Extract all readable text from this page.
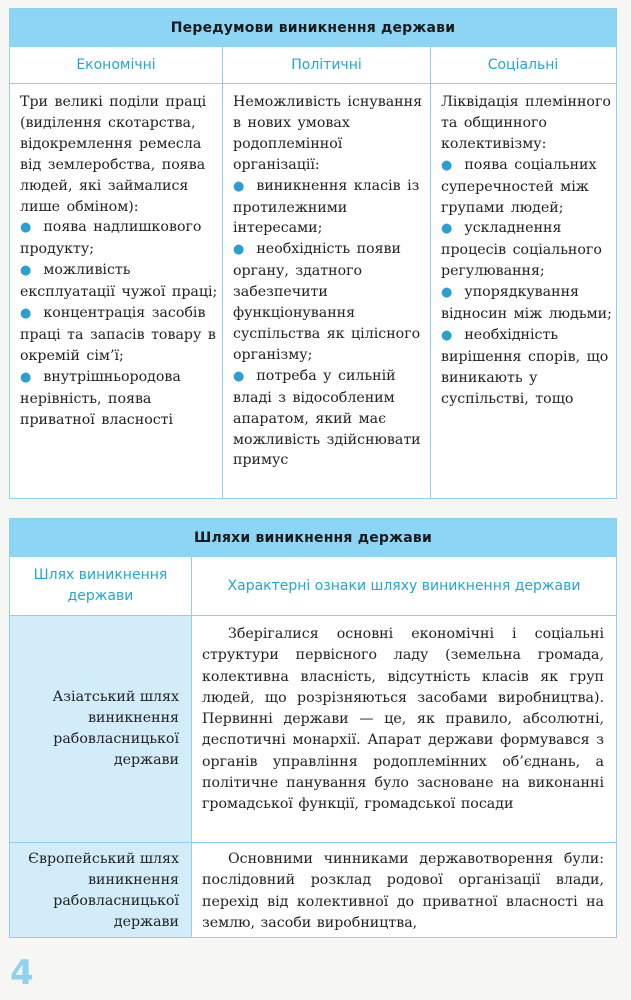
Передумови виникнення держави
Економічні	Політичні	Соціальні

Три великі поділи праці (виділення скотарства, відокремлення ремесла від землеробства, поява людей, які займалися лише обміном):

● поява надлишкового продукту;

● можливість експлуатації чужої праці;

● концентрація засобів праці та запасів товару в окремій сім’ї;

● внутрішньородова нерівність, поява приватної власності

Неможливість існування в нових умовах родоплемінної організації:

● виникнення класів із протилежними інтересами;

● необхідність появи органу, здатного забезпечити функціонування суспільства як цілісного організму;

● потреба у сильній владі з відособленим апаратом, який має можливість здійснювати примус

Ліквідація племінного та общинного колективізму:

● поява соціальних суперечностей між групами людей;

● ускладнення процесів соціального регулювання;

● упорядкування відносин між людьми;

● необхідність вирішення спорів, що виникають у суспільстві, тощо

Шляхи виникнення держави
Шлях виникнення держави
Характерні ознаки шляху виникнення держави
Азіатський шлях виникнення рабовласницької держави
Зберігалися основні економічні і соціальні структури первісного ладу (земельна громада, колективна власність, відсутність класів як груп людей, що розрізняються засобами виробництва). Первинні держави — це, як правило, абсолютні, деспотичні монархії. Апарат держави формувався з органів управління родоплемінних об’єднань, а політичне панування було засноване на виконанні громадської функції, громадської посади
Європейський шлях виникнення рабовласницької держави
Основними чинниками державотворення були: послідовний розклад родової організації влади, перехід від колективної до приватної власності на землю, засоби виробництва,
4
